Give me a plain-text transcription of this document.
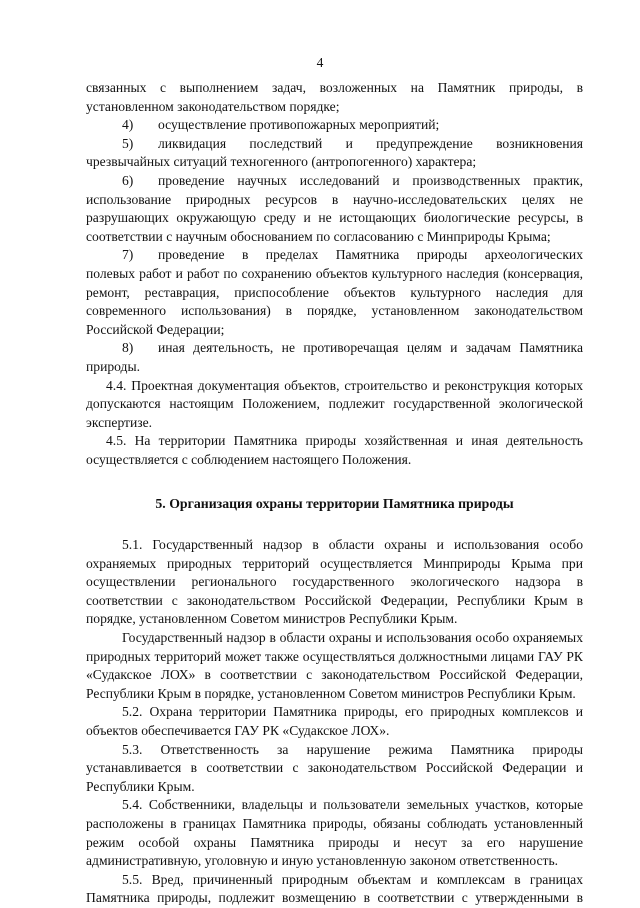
4

связанных с выполнением задач, возложенных на Памятник природы, в установленном законодательством порядке;

4)	осуществление противопожарных мероприятий;
5)	ликвидация последствий и предупреждение возникновения

чрезвычайных ситуаций техногенного (антропогенного) характера;

6)	проведение научных исследований и производственных практик,

использование природных ресурсов в научно-исследовательских целях не разрушающих окружающую среду и не истощающих биологические ресурсы, в соответствии с научным обоснованием по согласованию с Минприроды Крыма;

7)	проведение в пределах Памятника природы археологических

полевых работ и работ по сохранению объектов культурного наследия (консервация, ремонт, реставрация, приспособление объектов культурного наследия для современного использования) в порядке, установленном законодательством Российской Федерации;

8)	иная деятельность, не противоречащая целям и задачам Памятника

природы.

4.4. Проектная документация объектов, строительство и реконструкция которых допускаются настоящим Положением, подлежит государственной экологической экспертизе.

4.5. На территории Памятника природы хозяйственная и иная деятельность осуществляется с соблюдением настоящего Положения.

5. Организация охраны территории Памятника природы

5.1. Государственный надзор в области охраны и использования особо охраняемых природных территорий осуществляется Минприроды Крыма при осуществлении регионального государственного экологического надзора в соответствии с законодательством Российской Федерации, Республики Крым в порядке, установленном Советом министров Республики Крым.

Государственный надзор в области охраны и использования особо охраняемых природных территорий может также осуществляться должностными лицами ГАУ РК «Судакское ЛОХ» в соответствии с законодательством Российской Федерации, Республики Крым в порядке, установленном Советом министров Республики Крым.

5.2. Охрана территории Памятника природы, его природных комплексов и объектов обеспечивается ГАУ РК «Судакское ЛОХ».

5.3. Ответственность за нарушение режима Памятника природы устанавливается в соответствии с законодательством Российской Федерации и Республики Крым.

5.4. Собственники, владельцы и пользователи земельных участков, которые расположены в границах Памятника природы, обязаны соблюдать установленный режим особой охраны Памятника природы и несут за его нарушение административную, уголовную и иную установленную законом ответственность.

5.5. Вред, причиненный природным объектам и комплексам в границах Памятника природы, подлежит возмещению в соответствии с утвержденными в
